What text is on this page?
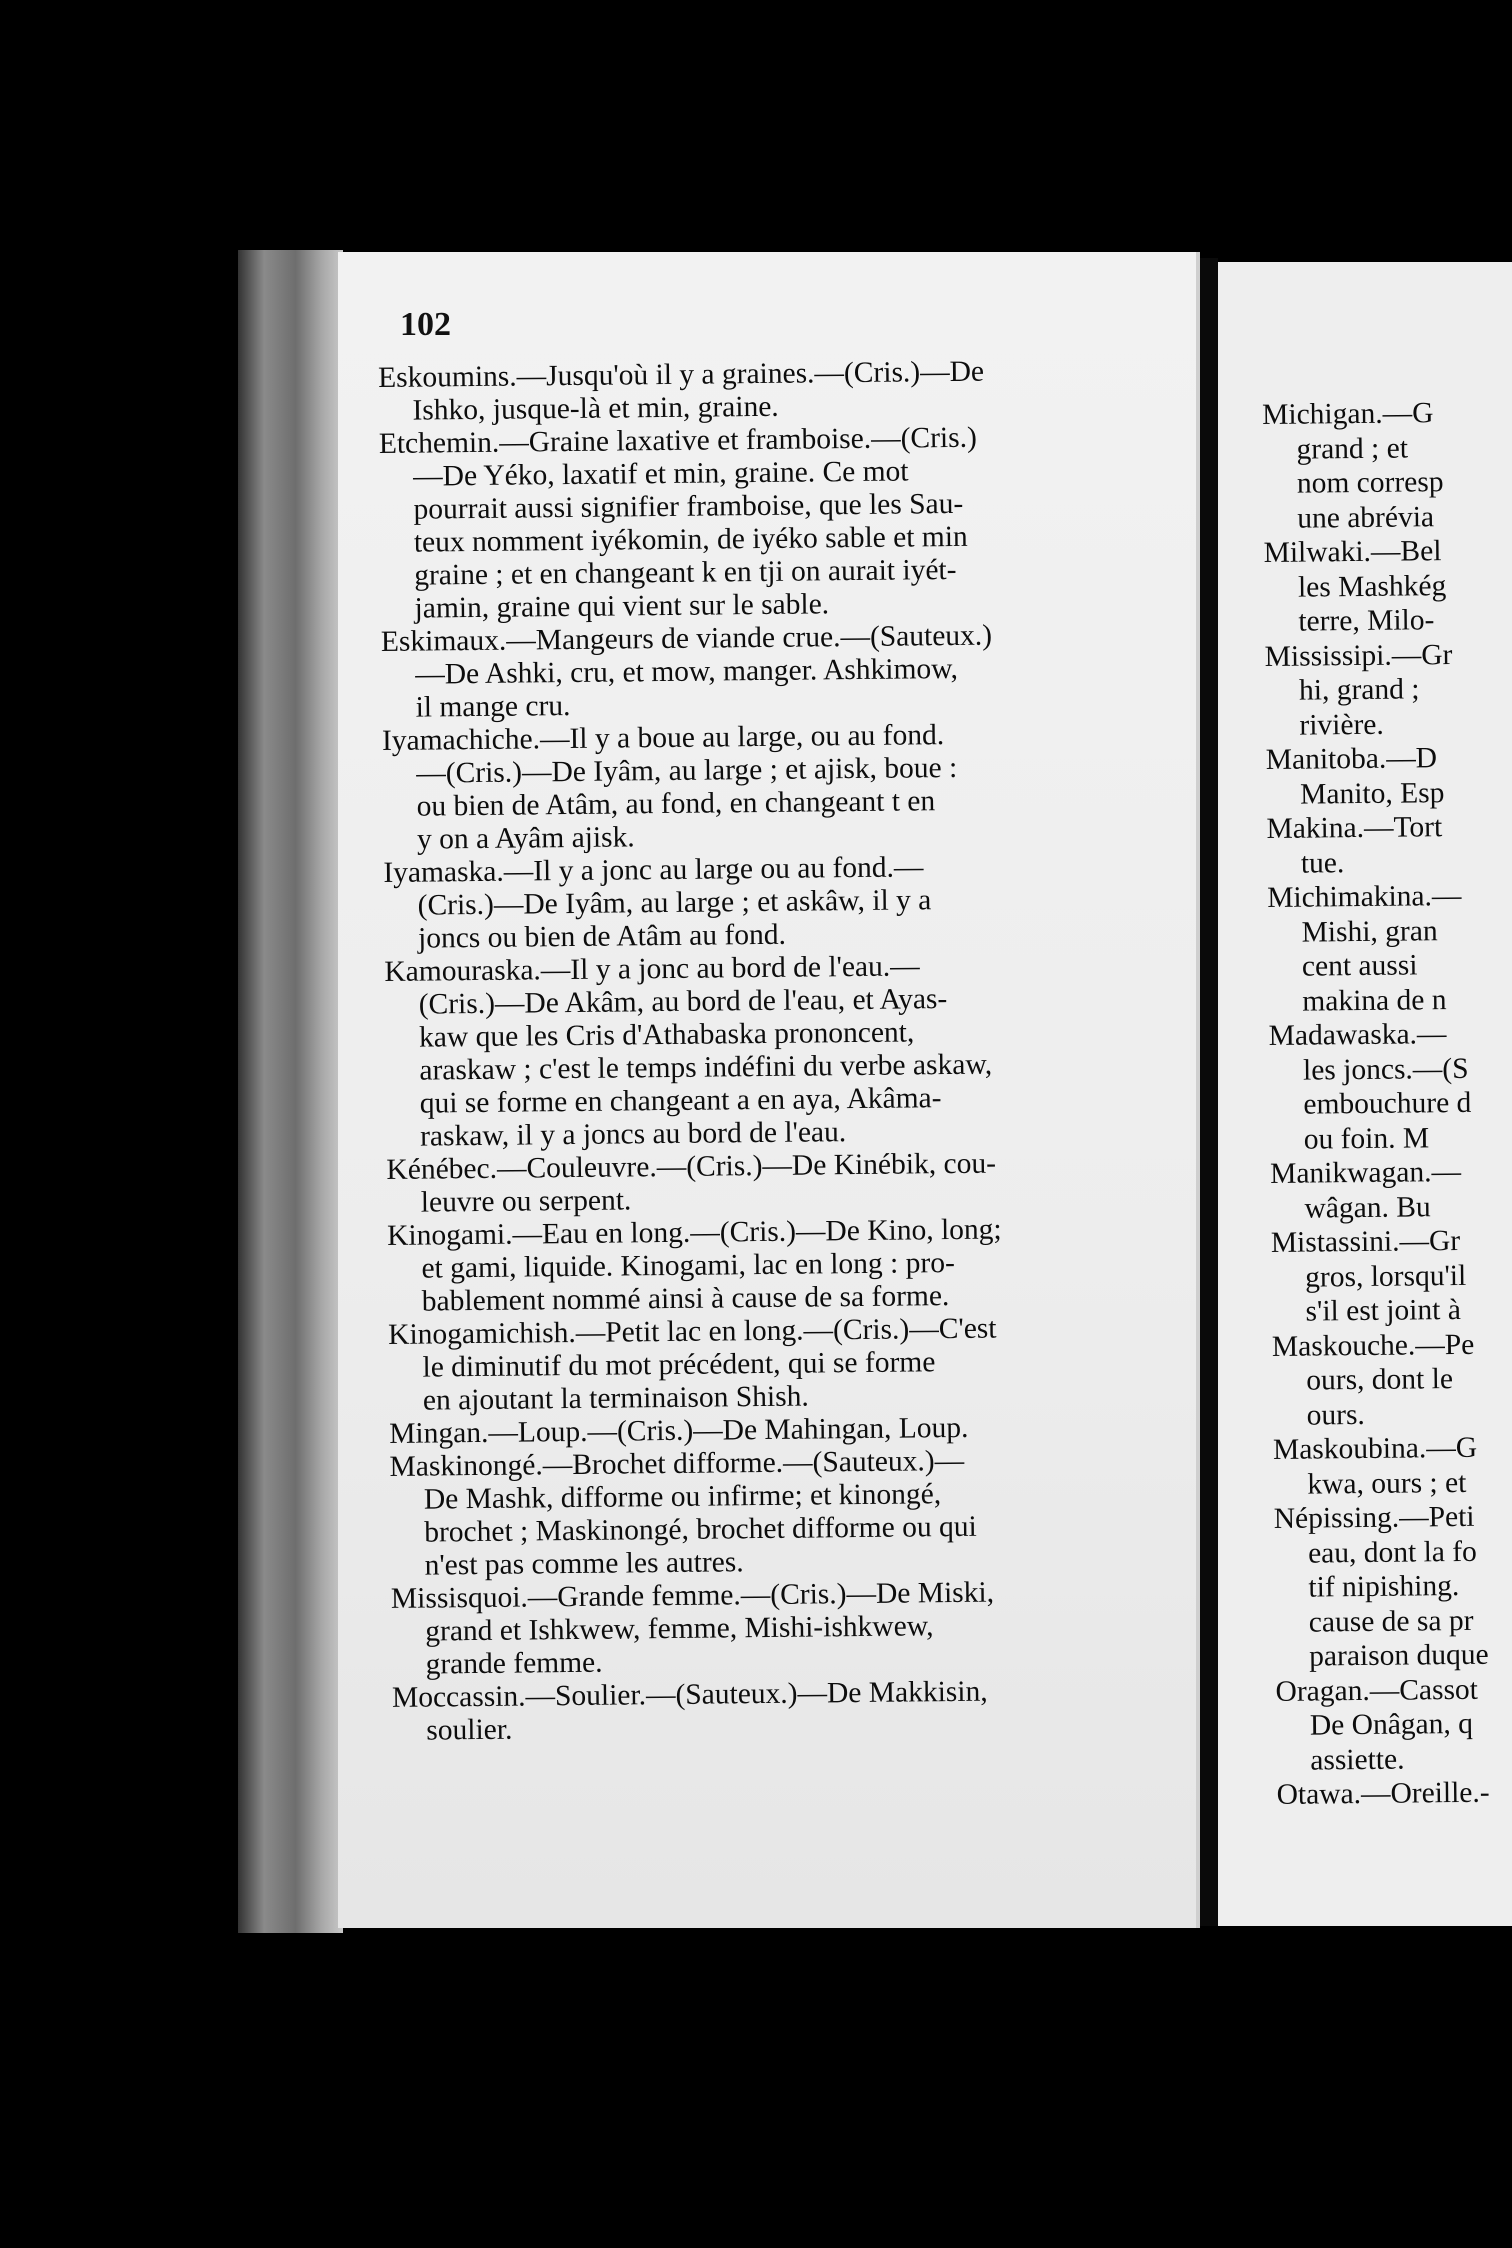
102
Eskoumins.—Jusqu'où il y a graines.—(Cris.)—De
Ishko, jusque-là et min, graine.
Etchemin.—Graine laxative et framboise.—(Cris.)
—De Yéko, laxatif et min, graine. Ce mot
pourrait aussi signifier framboise, que les Sau-
teux nomment iyékomin, de iyéko sable et min
graine ; et en changeant k en tji on aurait iyét-
jamin, graine qui vient sur le sable.
Eskimaux.—Mangeurs de viande crue.—(Sauteux.)
—De Ashki, cru, et mow, manger. Ashkimow,
il mange cru.
Iyamachiche.—Il y a boue au large, ou au fond.
—(Cris.)—De Iyâm, au large ; et ajisk, boue :
ou bien de Atâm, au fond, en changeant t en
y on a Ayâm ajisk.
Iyamaska.—Il y a jonc au large ou au fond.—
(Cris.)—De Iyâm, au large ; et askâw, il y a
joncs ou bien de Atâm au fond.
Kamouraska.—Il y a jonc au bord de l'eau.—
(Cris.)—De Akâm, au bord de l'eau, et Ayas-
kaw que les Cris d'Athabaska prononcent,
araskaw ; c'est le temps indéfini du verbe askaw,
qui se forme en changeant a en aya, Akâma-
raskaw, il y a joncs au bord de l'eau.
Kénébec.—Couleuvre.—(Cris.)—De Kinébik, cou-
leuvre ou serpent.
Kinogami.—Eau en long.—(Cris.)—De Kino, long;
et gami, liquide. Kinogami, lac en long : pro-
bablement nommé ainsi à cause de sa forme.
Kinogamichish.—Petit lac en long.—(Cris.)—C'est
le diminutif du mot précédent, qui se forme
en ajoutant la terminaison Shish.
Mingan.—Loup.—(Cris.)—De Mahingan, Loup.
Maskinongé.—Brochet difforme.—(Sauteux.)—
De Mashk, difforme ou infirme; et kinongé,
brochet ; Maskinongé, brochet difforme ou qui
n'est pas comme les autres.
Missisquoi.—Grande femme.—(Cris.)—De Miski,
grand et Ishkwew, femme, Mishi-ishkwew,
grande femme.
Moccassin.—Soulier.—(Sauteux.)—De Makkisin,
soulier.
Michigan.—G
grand ; et
nom corresp
une abrévia
Milwaki.—Bel
les Mashkég
terre, Milo-
Mississipi.—Gr
hi, grand ;
rivière.
Manitoba.—D
Manito, Esp
Makina.—Tort
tue.
Michimakina.—
Mishi, gran
cent aussi
makina de n
Madawaska.—
les joncs.—(S
embouchure d
ou foin. M
Manikwagan.—
wâgan. Bu
Mistassini.—Gr
gros, lorsqu'il
s'il est joint à
Maskouche.—Pe
ours, dont le
ours.
Maskoubina.—G
kwa, ours ; et
Népissing.—Peti
eau, dont la fo
tif nipishing.
cause de sa pr
paraison duque
Oragan.—Cassot
De Onâgan, q
assiette.
Otawa.—Oreille.-
